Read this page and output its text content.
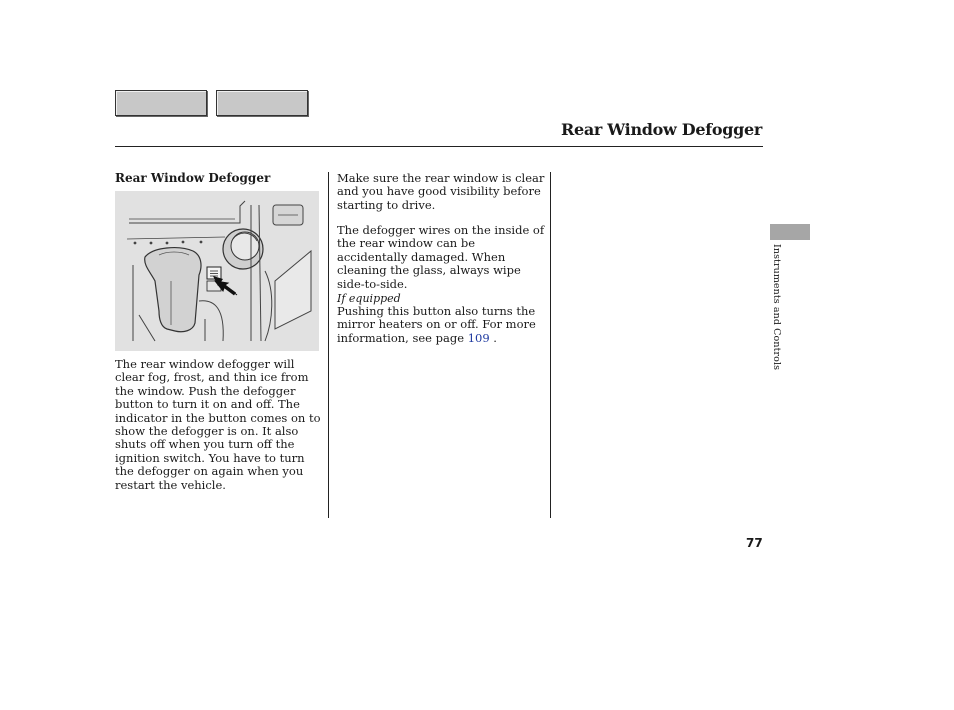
Rear Window Defogger
Rear Window Defogger

The rear window defogger will clear fog, frost, and thin ice from the window. Push the defogger button to turn it on and off. The indicator in the button comes on to show the defogger is on. It also shuts off when you turn off the ignition switch. You have to turn the defogger on again when you restart the vehicle.

Make sure the rear window is clear and you have good visibility before starting to drive.

The defogger wires on the inside of the rear window can be accidentally damaged. When cleaning the glass, always wipe side-to-side.

If equipped

Pushing this button also turns the mirror heaters on or off. For more information, see page 109 .	Instruments and Controls
77
